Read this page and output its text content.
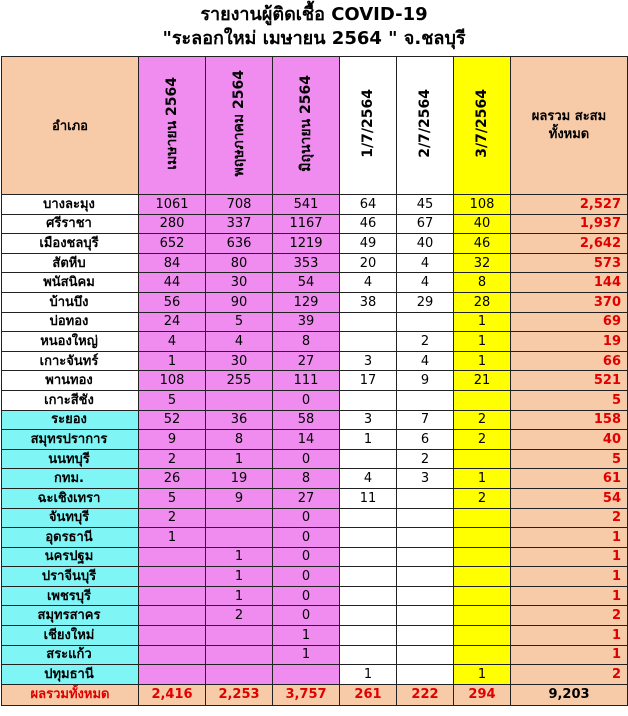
รายงานผู้ติดเชื้อ COVID-19
"ระลอกใหม่ เมษายน 2564 " จ.ชลบุรี
อำเภอ	เมษายน 2564	พฤษภาคม 2564	มิถุนายน 2564	1/7/2564	2/7/2564	3/7/2564	ผลรวม สะสม ทั้งหมด
บางละมุง	1061	708	541	64	45	108	2,527
ศรีราชา	280	337	1167	46	67	40	1,937
เมืองชลบุรี	652	636	1219	49	40	46	2,642
สัตหีบ	84	80	353	20	4	32	573
พนัสนิคม	44	30	54	4	4	8	144
บ้านบึง	56	90	129	38	29	28	370
บ่อทอง	24	5	39			1	69
หนองใหญ่	4	4	8		2	1	19
เกาะจันทร์	1	30	27	3	4	1	66
พานทอง	108	255	111	17	9	21	521
เกาะสีชัง	5		0				5
ระยอง	52	36	58	3	7	2	158
สมุทรปราการ	9	8	14	1	6	2	40
นนทบุรี	2	1	0		2		5
กทม.	26	19	8	4	3	1	61
ฉะเชิงเทรา	5	9	27	11		2	54
จันทบุรี	2		0				2
อุดรธานี	1		0				1
นครปฐม		1	0				1
ปราจีนบุรี		1	0				1
เพชรบุรี		1	0				1
สมุทรสาคร		2	0				2
เชียงใหม่			1				1
สระแก้ว			1				1
ปทุมธานี				1		1	2
ผลรวมทั้งหมด	2,416	2,253	3,757	261	222	294	9,203
